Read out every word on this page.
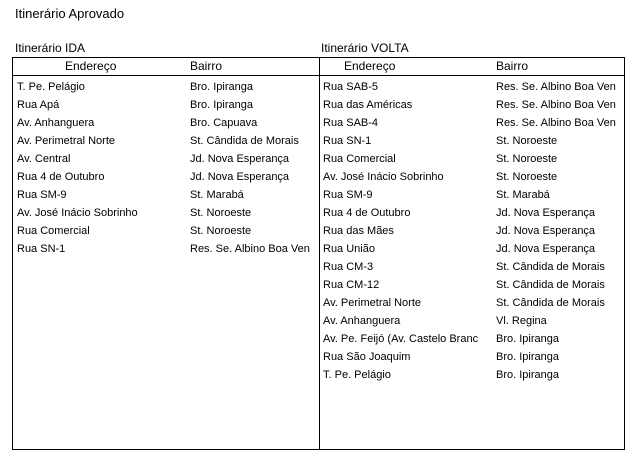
Itinerário Aprovado
Itinerário IDA	Itinerário VOLTA
Endereço	Bairro	Endereço	Bairro
T. Pe. Pelágio	Bro. Ipiranga
Rua Apá	Bro. Ipiranga
Av. Anhanguera	Bro. Capuava
Av. Perimetral Norte	St. Cândida de Morais
Av. Central	Jd. Nova Esperança
Rua 4 de Outubro	Jd. Nova Esperança
Rua SM-9	St. Marabá
Av. José Inácio Sobrinho	St. Noroeste
Rua Comercial	St. Noroeste
Rua SN-1	Res. Se. Albino Boa Ven
Rua SAB-5	Res. Se. Albino Boa Ven
Rua das Américas	Res. Se. Albino Boa Ven
Rua SAB-4	Res. Se. Albino Boa Ven
Rua SN-1	St. Noroeste
Rua Comercial	St. Noroeste
Av. José Inácio Sobrinho	St. Noroeste
Rua SM-9	St. Marabá
Rua 4 de Outubro	Jd. Nova Esperança
Rua das Mães	Jd. Nova Esperança
Rua União	Jd. Nova Esperança
Rua CM-3	St. Cândida de Morais
Rua CM-12	St. Cândida de Morais
Av. Perimetral Norte	St. Cândida de Morais
Av. Anhanguera	Vl. Regina
Av. Pe. Feijó (Av. Castelo Branc	Bro. Ipiranga
Rua São Joaquim	Bro. Ipiranga
T. Pe. Pelágio	Bro. Ipiranga
